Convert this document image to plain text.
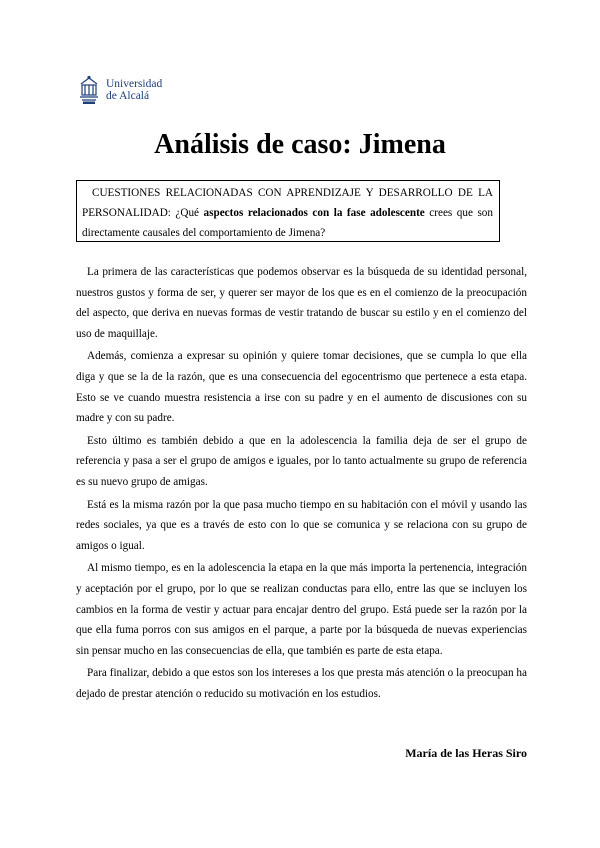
Universidad
de Alcalá
Análisis de caso: Jimena
CUESTIONES RELACIONADAS CON APRENDIZAJE Y DESARROLLO DE LA PERSONALIDAD: ¿Qué aspectos relacionados con la fase adolescente crees que son directamente causales del comportamiento de Jimena?

La primera de las características que podemos observar es la búsqueda de su identidad personal, nuestros gustos y forma de ser, y querer ser mayor de los que es en el comienzo de la preocupación del aspecto, que deriva en nuevas formas de vestir tratando de buscar su estilo y en el comienzo del uso de maquillaje.

Además, comienza a expresar su opinión y quiere tomar decisiones, que se cumpla lo que ella diga y que se la de la razón, que es una consecuencia del egocentrismo que pertenece a esta etapa. Esto se ve cuando muestra resistencia a irse con su padre y en el aumento de discusiones con su madre y con su padre.

Esto último es también debido a que en la adolescencia la familia deja de ser el grupo de referencia y pasa a ser el grupo de amigos e iguales, por lo tanto actualmente su grupo de referencia es su nuevo grupo de amigas.

Está es la misma razón por la que pasa mucho tiempo en su habitación con el móvil y usando las redes sociales, ya que es a través de esto con lo que se comunica y se relaciona con su grupo de amigos o igual.

Al mismo tiempo, es en la adolescencia la etapa en la que más importa la pertenencia, integración y aceptación por el grupo, por lo que se realizan conductas para ello, entre las que se incluyen los cambios en la forma de vestir y actuar para encajar dentro del grupo. Está puede ser la razón por la que ella fuma porros con sus amigos en el parque, a parte por la búsqueda de nuevas experiencias sin pensar mucho en las consecuencias de ella, que también es parte de esta etapa.

Para finalizar, debido a que estos son los intereses a los que presta más atención o la preocupan ha dejado de prestar atención o reducido su motivación en los estudios.

María de las Heras Siro
